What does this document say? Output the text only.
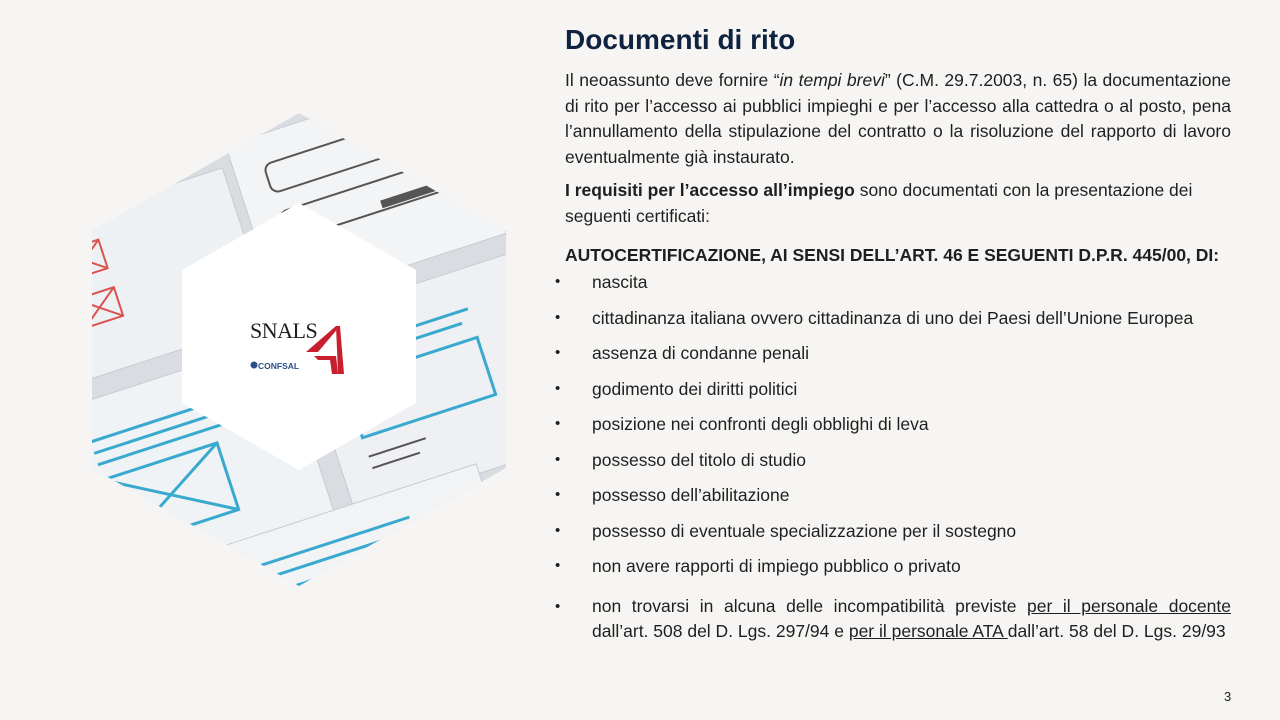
SNALS
CONFSAL
Documenti di rito

Il neoassunto deve fornire “in tempi brevi” (C.M. 29.7.2003, n. 65) la documentazione di rito per l’accesso ai pubblici impieghi e per l’accesso alla cattedra o al posto, pena l’annullamento della stipulazione del contratto o la risoluzione del rapporto di lavoro eventualmente già instaurato.

I requisiti per l’accesso all’impiego sono documentati con la presentazione dei seguenti certificati:

AUTOCERTIFICAZIONE, AI SENSI DELL’ART. 46 E SEGUENTI D.P.R. 445/00, DI:

• nascita
• cittadinanza italiana ovvero cittadinanza di uno dei Paesi dell’Unione Europea
• assenza di condanne penali
• godimento dei diritti politici
• posizione nei confronti degli obblighi di leva
• possesso del titolo di studio
• possesso dell’abilitazione
• possesso di eventuale specializzazione per il sostegno
• non avere rapporti di impiego pubblico o privato
• non trovarsi in alcuna delle incompatibilità previste per il personale docente dall’art. 508 del D. Lgs. 297/94 e per il personale ATA dall’art. 58 del D. Lgs. 29/93
3
